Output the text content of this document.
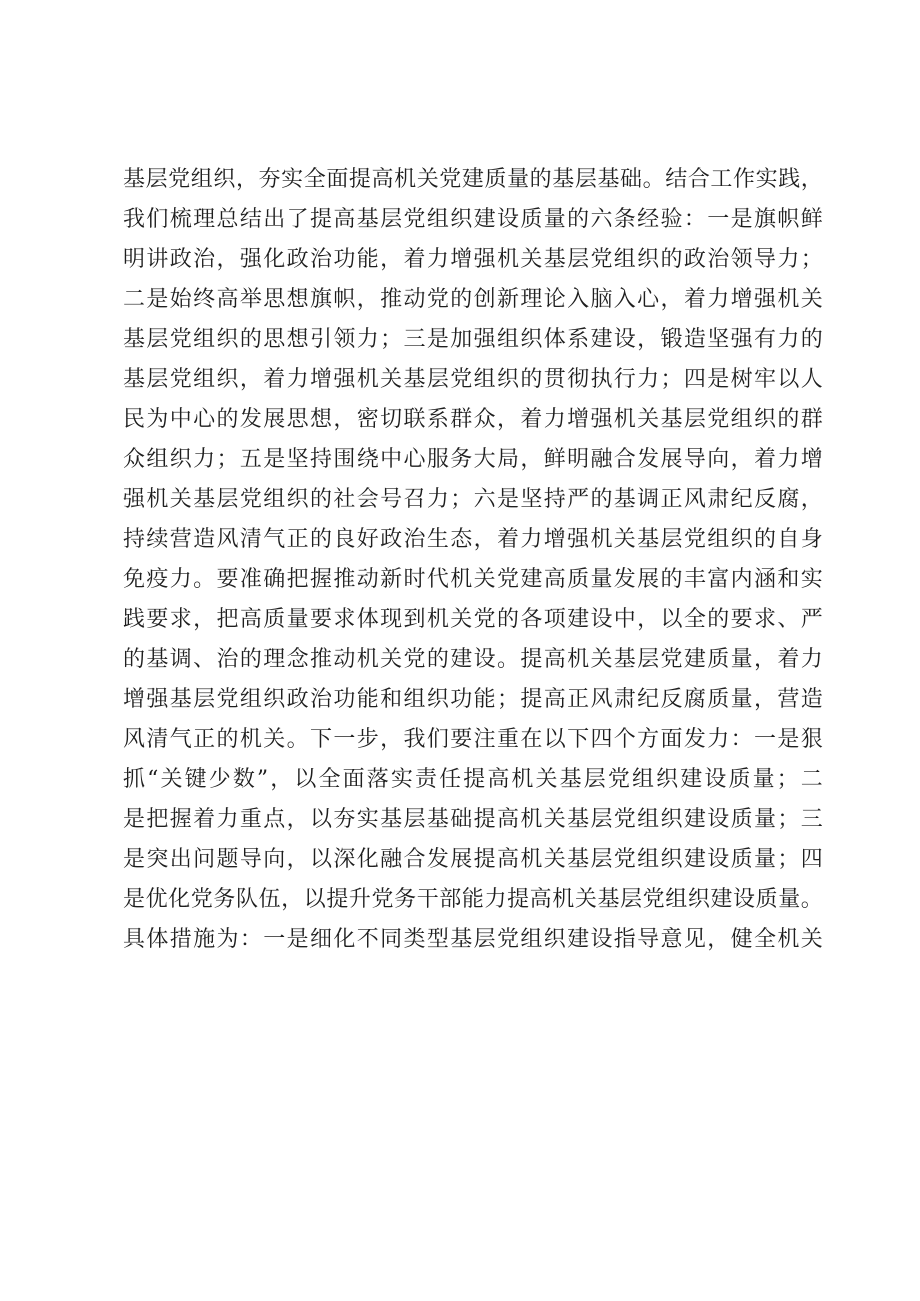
基层党组织，夯实全面提高机关党建质量的基层基础。结合工作实践，
我们梳理总结出了提高基层党组织建设质量的六条经验：一是旗帜鲜
明讲政治，强化政治功能，着力增强机关基层党组织的政治领导力；
二是始终高举思想旗帜，推动党的创新理论入脑入心，着力增强机关
基层党组织的思想引领力；三是加强组织体系建设，锻造坚强有力的
基层党组织，着力增强机关基层党组织的贯彻执行力；四是树牢以人
民为中心的发展思想，密切联系群众，着力增强机关基层党组织的群
众组织力；五是坚持围绕中心服务大局，鲜明融合发展导向，着力增
强机关基层党组织的社会号召力；六是坚持严的基调正风肃纪反腐，
持续营造风清气正的良好政治生态，着力增强机关基层党组织的自身
免疫力。要准确把握推动新时代机关党建高质量发展的丰富内涵和实
践要求，把高质量要求体现到机关党的各项建设中，以全的要求、严
的基调、治的理念推动机关党的建设。提高机关基层党建质量，着力
增强基层党组织政治功能和组织功能；提高正风肃纪反腐质量，营造
风清气正的机关。下一步，我们要注重在以下四个方面发力：一是狠
抓“关键少数”，以全面落实责任提高机关基层党组织建设质量；二
是把握着力重点，以夯实基层基础提高机关基层党组织建设质量；三
是突出问题导向，以深化融合发展提高机关基层党组织建设质量；四
是优化党务队伍，以提升党务干部能力提高机关基层党组织建设质量。
具体措施为：一是细化不同类型基层党组织建设指导意见，健全机关
